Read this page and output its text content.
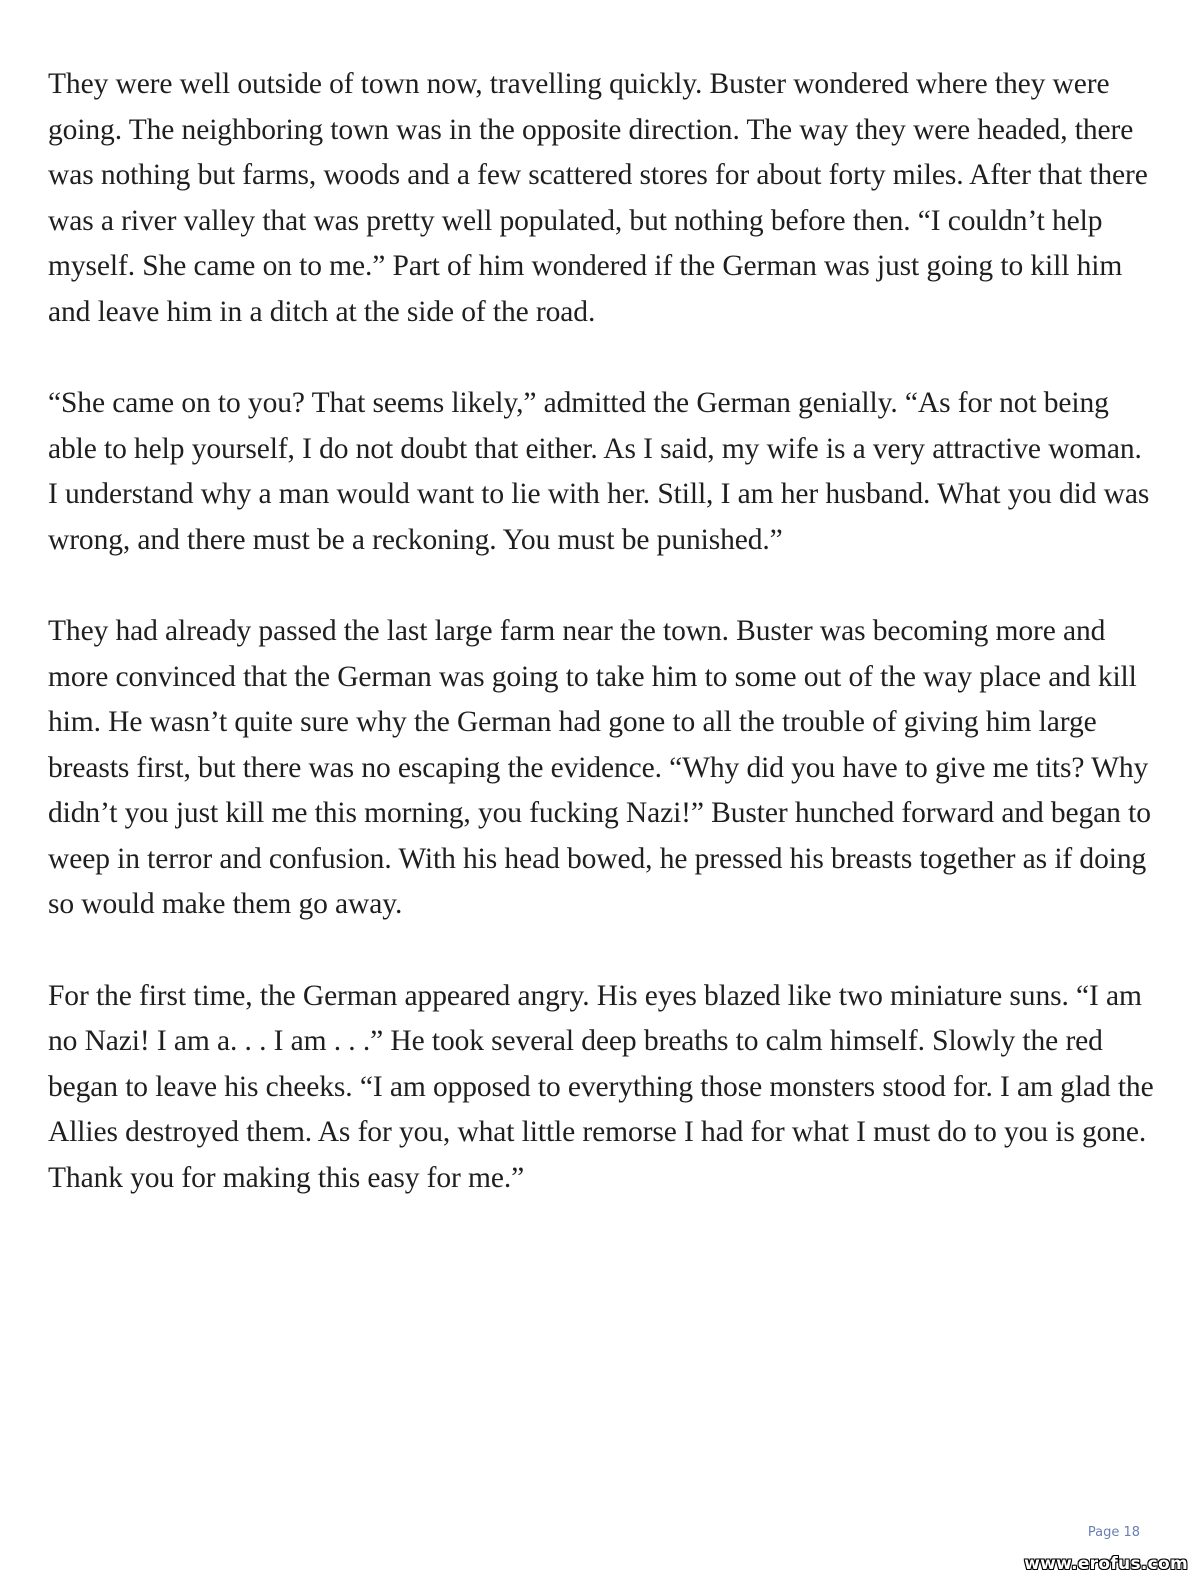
They were well outside of town now, travelling quickly. Buster wondered where they were going. The neighboring town was in the opposite direction. The way they were headed, there was nothing but farms, woods and a few scattered stores for about forty miles. After that there was a river valley that was pretty well populated, but nothing before then. “I couldn’t help myself. She came on to me.” Part of him wondered if the German was just going to kill him and leave him in a ditch at the side of the road.

“She came on to you? That seems likely,” admitted the German genially. “As for not being able to help yourself, I do not doubt that either. As I said, my wife is a very attractive woman. I understand why a man would want to lie with her. Still, I am her husband. What you did was wrong, and there must be a reckoning. You must be punished.”

They had already passed the last large farm near the town. Buster was becoming more and more convinced that the German was going to take him to some out of the way place and kill him. He wasn’t quite sure why the German had gone to all the trouble of giving him large breasts first, but there was no escaping the evidence. “Why did you have to give me tits? Why didn’t you just kill me this morning, you fucking Nazi!” Buster hunched forward and began to weep in terror and confusion. With his head bowed, he pressed his breasts together as if doing so would make them go away.

For the first time, the German appeared angry. His eyes blazed like two miniature suns. “I am no Nazi! I am a. . . I am . . .” He took several deep breaths to calm himself. Slowly the red began to leave his cheeks. “I am opposed to everything those monsters stood for. I am glad the Allies destroyed them. As for you, what little remorse I had for what I must do to you is gone. Thank you for making this easy for me.”

Page 18
www.erofus.com
